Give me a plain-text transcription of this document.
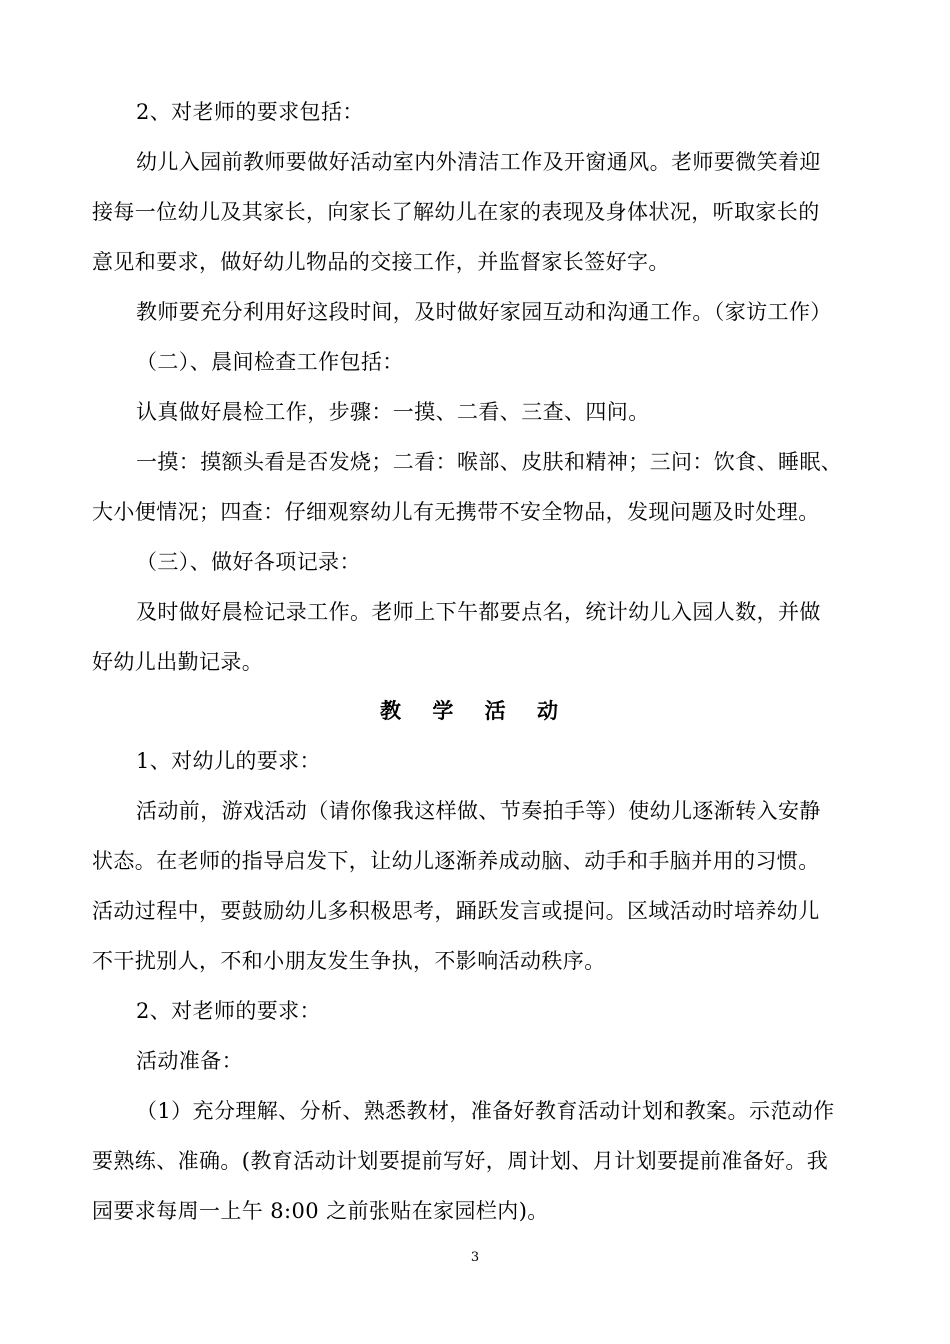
2、对老师的要求包括：
幼儿入园前教师要做好活动室内外清洁工作及开窗通风。老师要微笑着迎
接每一位幼儿及其家长，向家长了解幼儿在家的表现及身体状况，听取家长的
意见和要求，做好幼儿物品的交接工作，并监督家长签好字。
教师要充分利用好这段时间，及时做好家园互动和沟通工作。（家访工作）
（二）、晨间检查工作包括：
认真做好晨检工作，步骤：一摸、二看、三查、四问。
一摸：摸额头看是否发烧；二看：喉部、皮肤和精神；三问：饮食、睡眠、
大小便情况；四查：仔细观察幼儿有无携带不安全物品，发现问题及时处理。
（三）、做好各项记录：
及时做好晨检记录工作。老师上下午都要点名，统计幼儿入园人数，并做
好幼儿出勤记录。
教 学 活 动
1、对幼儿的要求：
活动前，游戏活动（请你像我这样做、节奏拍手等）使幼儿逐渐转入安静
状态。在老师的指导启发下，让幼儿逐渐养成动脑、动手和手脑并用的习惯。
活动过程中，要鼓励幼儿多积极思考，踊跃发言或提问。区域活动时培养幼儿
不干扰别人，不和小朋友发生争执，不影响活动秩序。
2、对老师的要求：
活动准备：
（1）充分理解、分析、熟悉教材，准备好教育活动计划和教案。示范动作
要熟练、准确。(教育活动计划要提前写好，周计划、月计划要提前准备好。我
园要求每周一上午 8:00 之前张贴在家园栏内)。
3
